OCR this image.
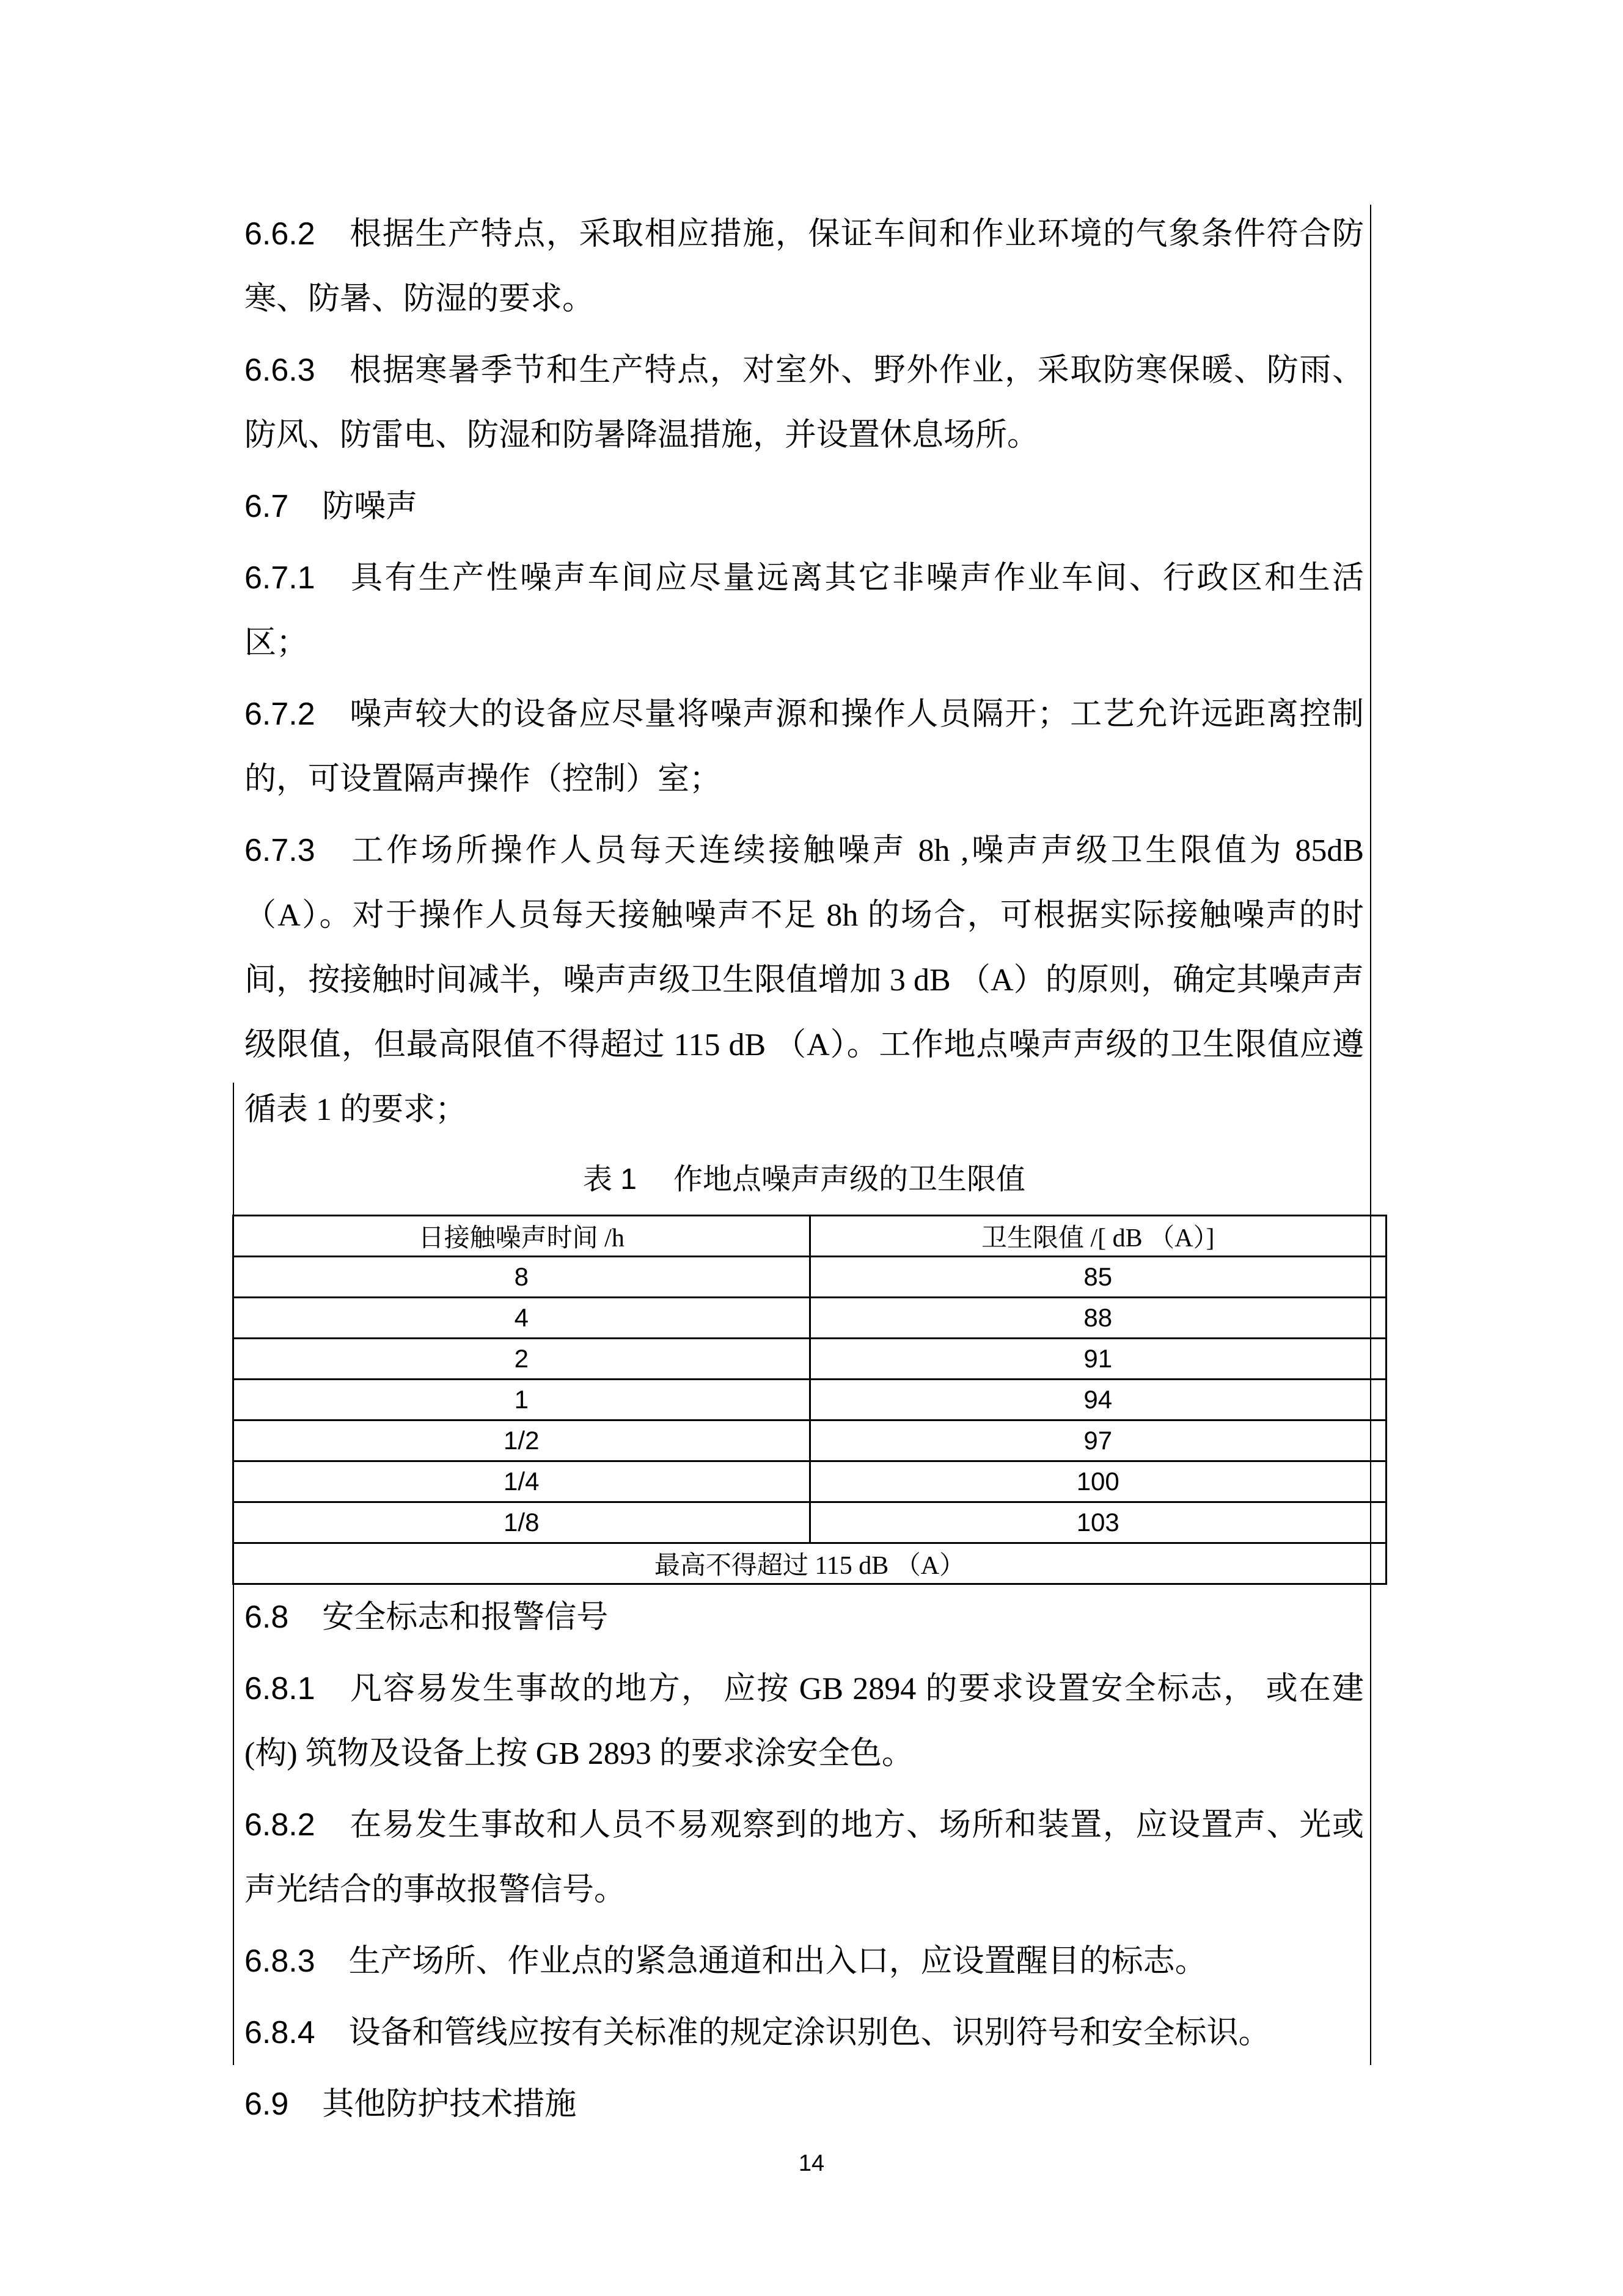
6.6.2 根据生产特点，采取相应措施，保证车间和作业环境的气象条件符合防寒、防暑、防湿的要求。

6.6.3 根据寒暑季节和生产特点，对室外、野外作业，采取防寒保暖、防雨、防风、防雷电、防湿和防暑降温措施，并设置休息场所。

6.7 防噪声

6.7.1 具有生产性噪声车间应尽量远离其它非噪声作业车间、行政区和生活区；

6.7.2 噪声较大的设备应尽量将噪声源和操作人员隔开；工艺允许远距离控制的，可设置隔声操作（控制）室；

6.7.3 工作场所操作人员每天连续接触噪声 8h ,噪声声级卫生限值为 85dB（A）。对于操作人员每天接触噪声不足 8h 的场合，可根据实际接触噪声的时间，按接触时间减半，噪声声级卫生限值增加 3 dB （A）的原则，确定其噪声声级限值，但最高限值不得超过 115 dB （A）。工作地点噪声声级的卫生限值应遵循表 1 的要求；

表 1 作地点噪声声级的卫生限值
日接触噪声时间 /h	卫生限值 /[ dB （A）]
8	85
4	88
2	91
1	94
1/2	97
1/4	100
1/8	103
最高不得超过 115 dB （A）	

6.8 安全标志和报警信号

6.8.1 凡容易发生事故的地方， 应按 GB 2894 的要求设置安全标志， 或在建 (构) 筑物及设备上按 GB 2893 的要求涂安全色。

6.8.2 在易发生事故和人员不易观察到的地方、场所和装置，应设置声、光或声光结合的事故报警信号。

6.8.3 生产场所、作业点的紧急通道和出入口，应设置醒目的标志。

6.8.4 设备和管线应按有关标准的规定涂识别色、识别符号和安全标识。

6.9 其他防护技术措施

14
